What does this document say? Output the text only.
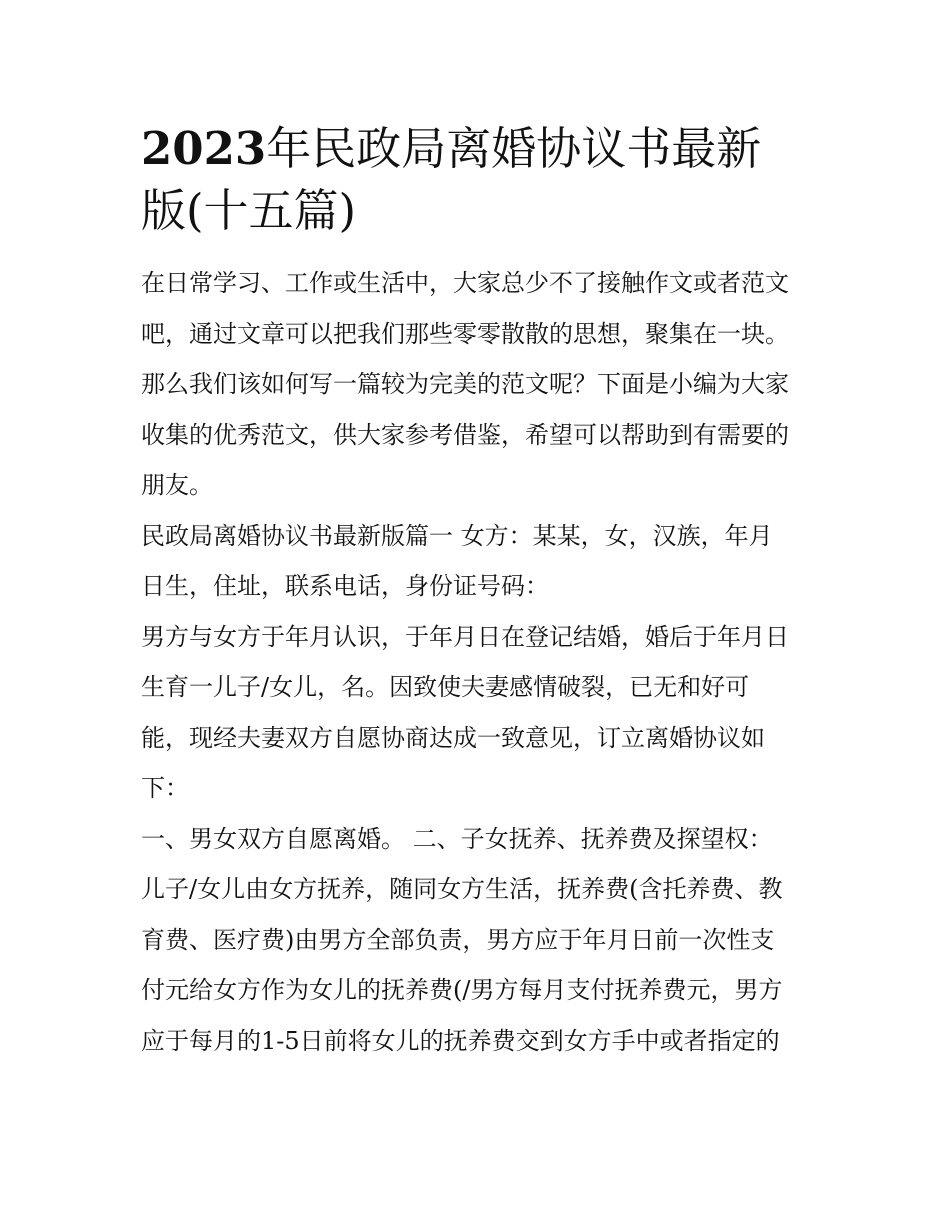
2023年民政局离婚协议书最新
版(十五篇)

在日常学习、工作或生活中，大家总少不了接触作文或者范文
吧，通过文章可以把我们那些零零散散的思想，聚集在一块。
那么我们该如何写一篇较为完美的范文呢？下面是小编为大家
收集的优秀范文，供大家参考借鉴，希望可以帮助到有需要的
朋友。

民政局离婚协议书最新版篇一 女方：某某，女，汉族，年月
日生，住址，联系电话，身份证号码：

男方与女方于年月认识，于年月日在登记结婚，婚后于年月日
生育一儿子/女儿，名。因致使夫妻感情破裂，已无和好可
能，现经夫妻双方自愿协商达成一致意见，订立离婚协议如
下：

一、男女双方自愿离婚。 二、子女抚养、抚养费及探望权：
儿子/女儿由女方抚养，随同女方生活，抚养费(含托养费、教
育费、医疗费)由男方全部负责，男方应于年月日前一次性支
付元给女方作为女儿的抚养费(/男方每月支付抚养费元，男方
应于每月的1-5日前将女儿的抚养费交到女方手中或者指定的
